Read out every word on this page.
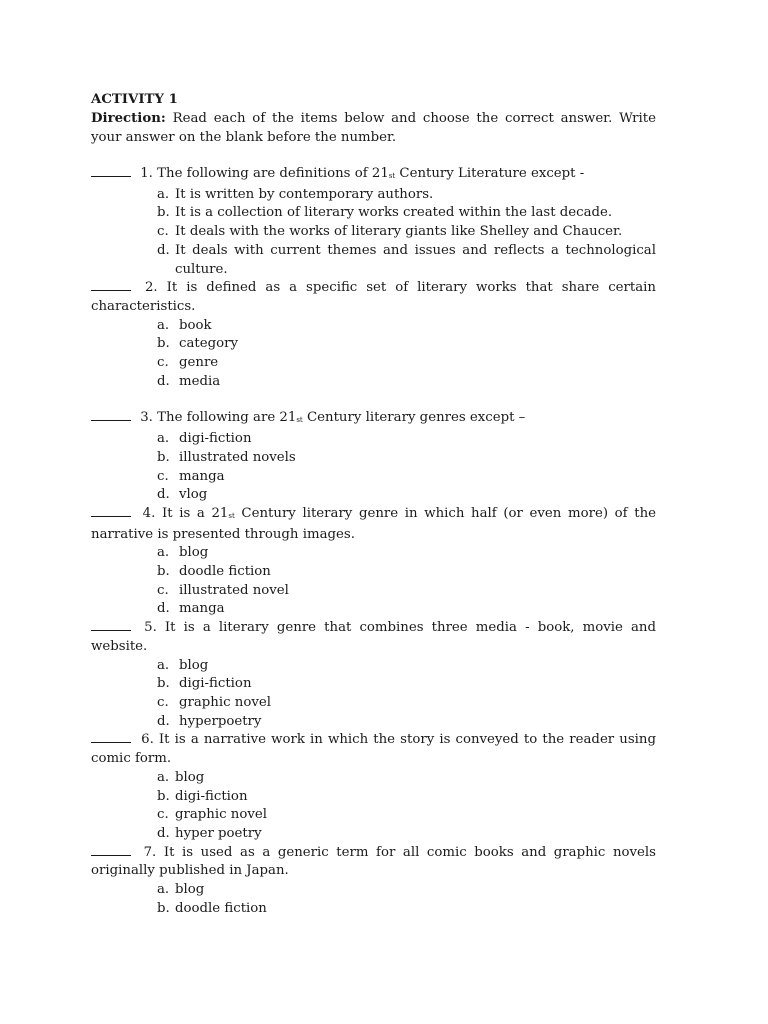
ACTIVITY 1
Direction: Read each of the items below and choose the correct answer. Write your answer on the blank before the number.
1. The following are definitions of $21_{st}$ Century Literature except -
a. It is written by contemporary authors.
b. It is a collection of literary works created within the last decade.
c. It deals with the works of literary giants like Shelley and Chaucer.
d. It deals with current themes and issues and reflects a technological culture.
2. It is defined as a specific set of literary works that share certain characteristics.
a. book
b. category
c. genre
d. media
3. The following are $21_{st}$ Century literary genres except –
a. digi-fiction
b. illustrated novels
c. manga
d. vlog
4. It is a $21_{st}$ Century literary genre in which half (or even more) of the narrative is presented through images.
a. blog
b. doodle fiction
c. illustrated novel
d. manga
5. It is a literary genre that combines three media - book, movie and website.
a. blog
b. digi-fiction
c. graphic novel
d. hyperpoetry
6. It is a narrative work in which the story is conveyed to the reader using comic form.
a. blog
b. digi-fiction
c. graphic novel
d. hyper poetry
7. It is used as a generic term for all comic books and graphic novels originally published in Japan.
a. blog
b. doodle fiction
